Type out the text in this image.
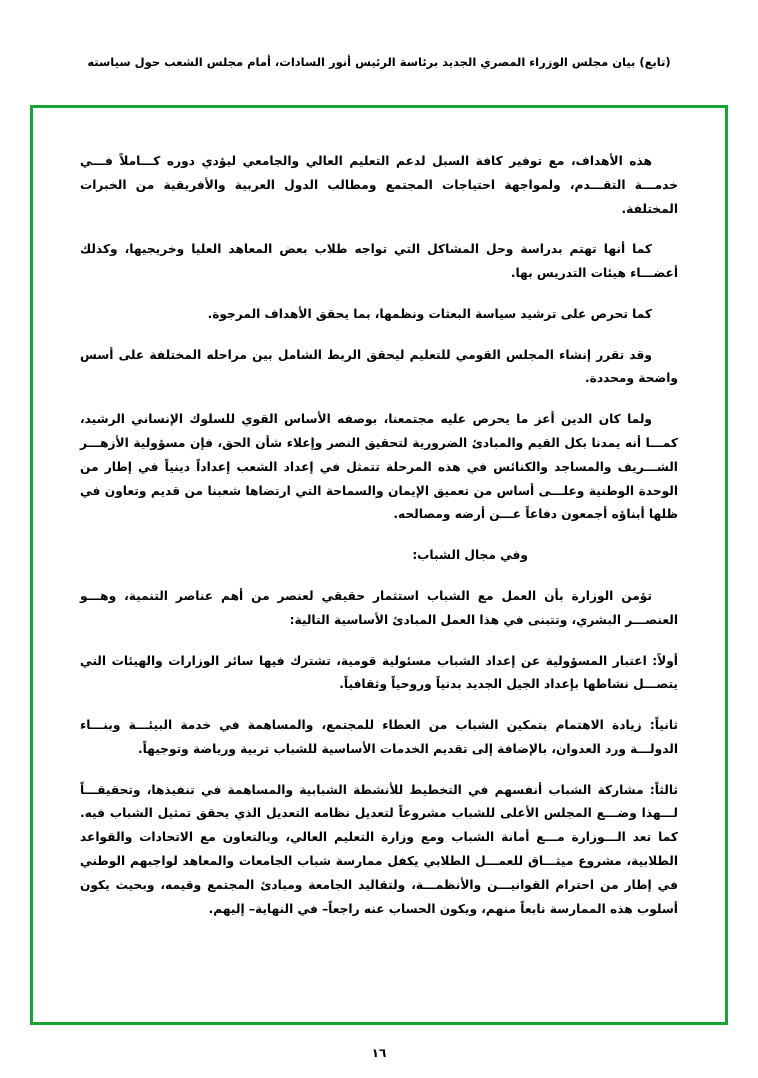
(تابع) بيان مجلس الوزراء المصري الجديد برئاسة الرئيس أنور السادات، أمام مجلس الشعب حول سياسته

هذه الأهداف، مع توفير كافة السبل لدعم التعليم العالي والجامعي ليؤدي دوره كـــاملاً فـــي خدمـــة التقـــدم، ولمواجهة احتياجات المجتمع ومطالب الدول العربية والأفريقية من الخبرات المختلفة.

كما أنها تهتم بدراسة وحل المشاكل التي تواجه طلاب بعض المعاهد العليا وخريجيها، وكذلك أعضـــاء هيئات التدريس بها.

كما تحرص على ترشيد سياسة البعثات ونظمها، بما يحقق الأهداف المرجوة.

وقد تقرر إنشاء المجلس القومي للتعليم ليحقق الربط الشامل بين مراحله المختلفة على أسس واضحة ومحددة.

ولما كان الدين أعز ما يحرص عليه مجتمعنا، بوصفه الأساس القوي للسلوك الإنساني الرشيد، كمـــا أنه يمدنا بكل القيم والمبادئ الضرورية لتحقيق النصر وإعلاء شأن الحق، فإن مسؤولية الأزهـــر الشـــريف والمساجد والكنائس في هذه المرحلة تتمثل في إعداد الشعب إعداداً دينياً في إطار من الوحدة الوطنية وعلـــى أساس من تعميق الإيمان والسماحة التي ارتضاها شعبنا من قديم وتعاون في ظلها أبناؤه أجمعون دفاعاً عـــن أرضه ومصالحه.

وفي مجال الشباب:

تؤمن الوزارة بأن العمل مع الشباب استثمار حقيقي لعنصر من أهم عناصر التنمية، وهـــو العنصـــر البشري، وتتبنى في هذا العمل المبادئ الأساسية التالية:

أولاً: اعتبار المسؤولية عن إعداد الشباب مسئولية قومية، تشترك فيها سائر الوزارات والهيئات التي يتصـــل نشاطها بإعداد الجيل الجديد بدنياً وروحياً وثقافياً.

ثانياً: زيادة الاهتمام بتمكين الشباب من العطاء للمجتمع، والمساهمة في خدمة البيئـــة وبنـــاء الدولـــة ورد العدوان، بالإضافة إلى تقديم الخدمات الأساسية للشباب تربية ورياضة وتوجيهاً.

ثالثاً: مشاركة الشباب أنفسهم في التخطيط للأنشطة الشبابية والمساهمة في تنفيذها، وتحقيقـــاً لـــهذا وضـــع المجلس الأعلى للشباب مشروعاً لتعديل نظامه التعديل الذي يحقق تمثيل الشباب فيه. كما تعد الـــوزارة مـــع أمانة الشباب ومع وزارة التعليم العالي، وبالتعاون مع الاتحادات والقواعد الطلابية، مشروع ميثـــاق للعمـــل الطلابي يكفل ممارسة شباب الجامعات والمعاهد لواجبهم الوطني في إطار من احترام القوانيـــن والأنظمـــة، ولتقاليد الجامعة ومبادئ المجتمع وقيمه، وبحيث يكون أسلوب هذه الممارسة نابعاً منهم، ويكون الحساب عنه راجعاً– في النهاية– إليهم.

١٦
